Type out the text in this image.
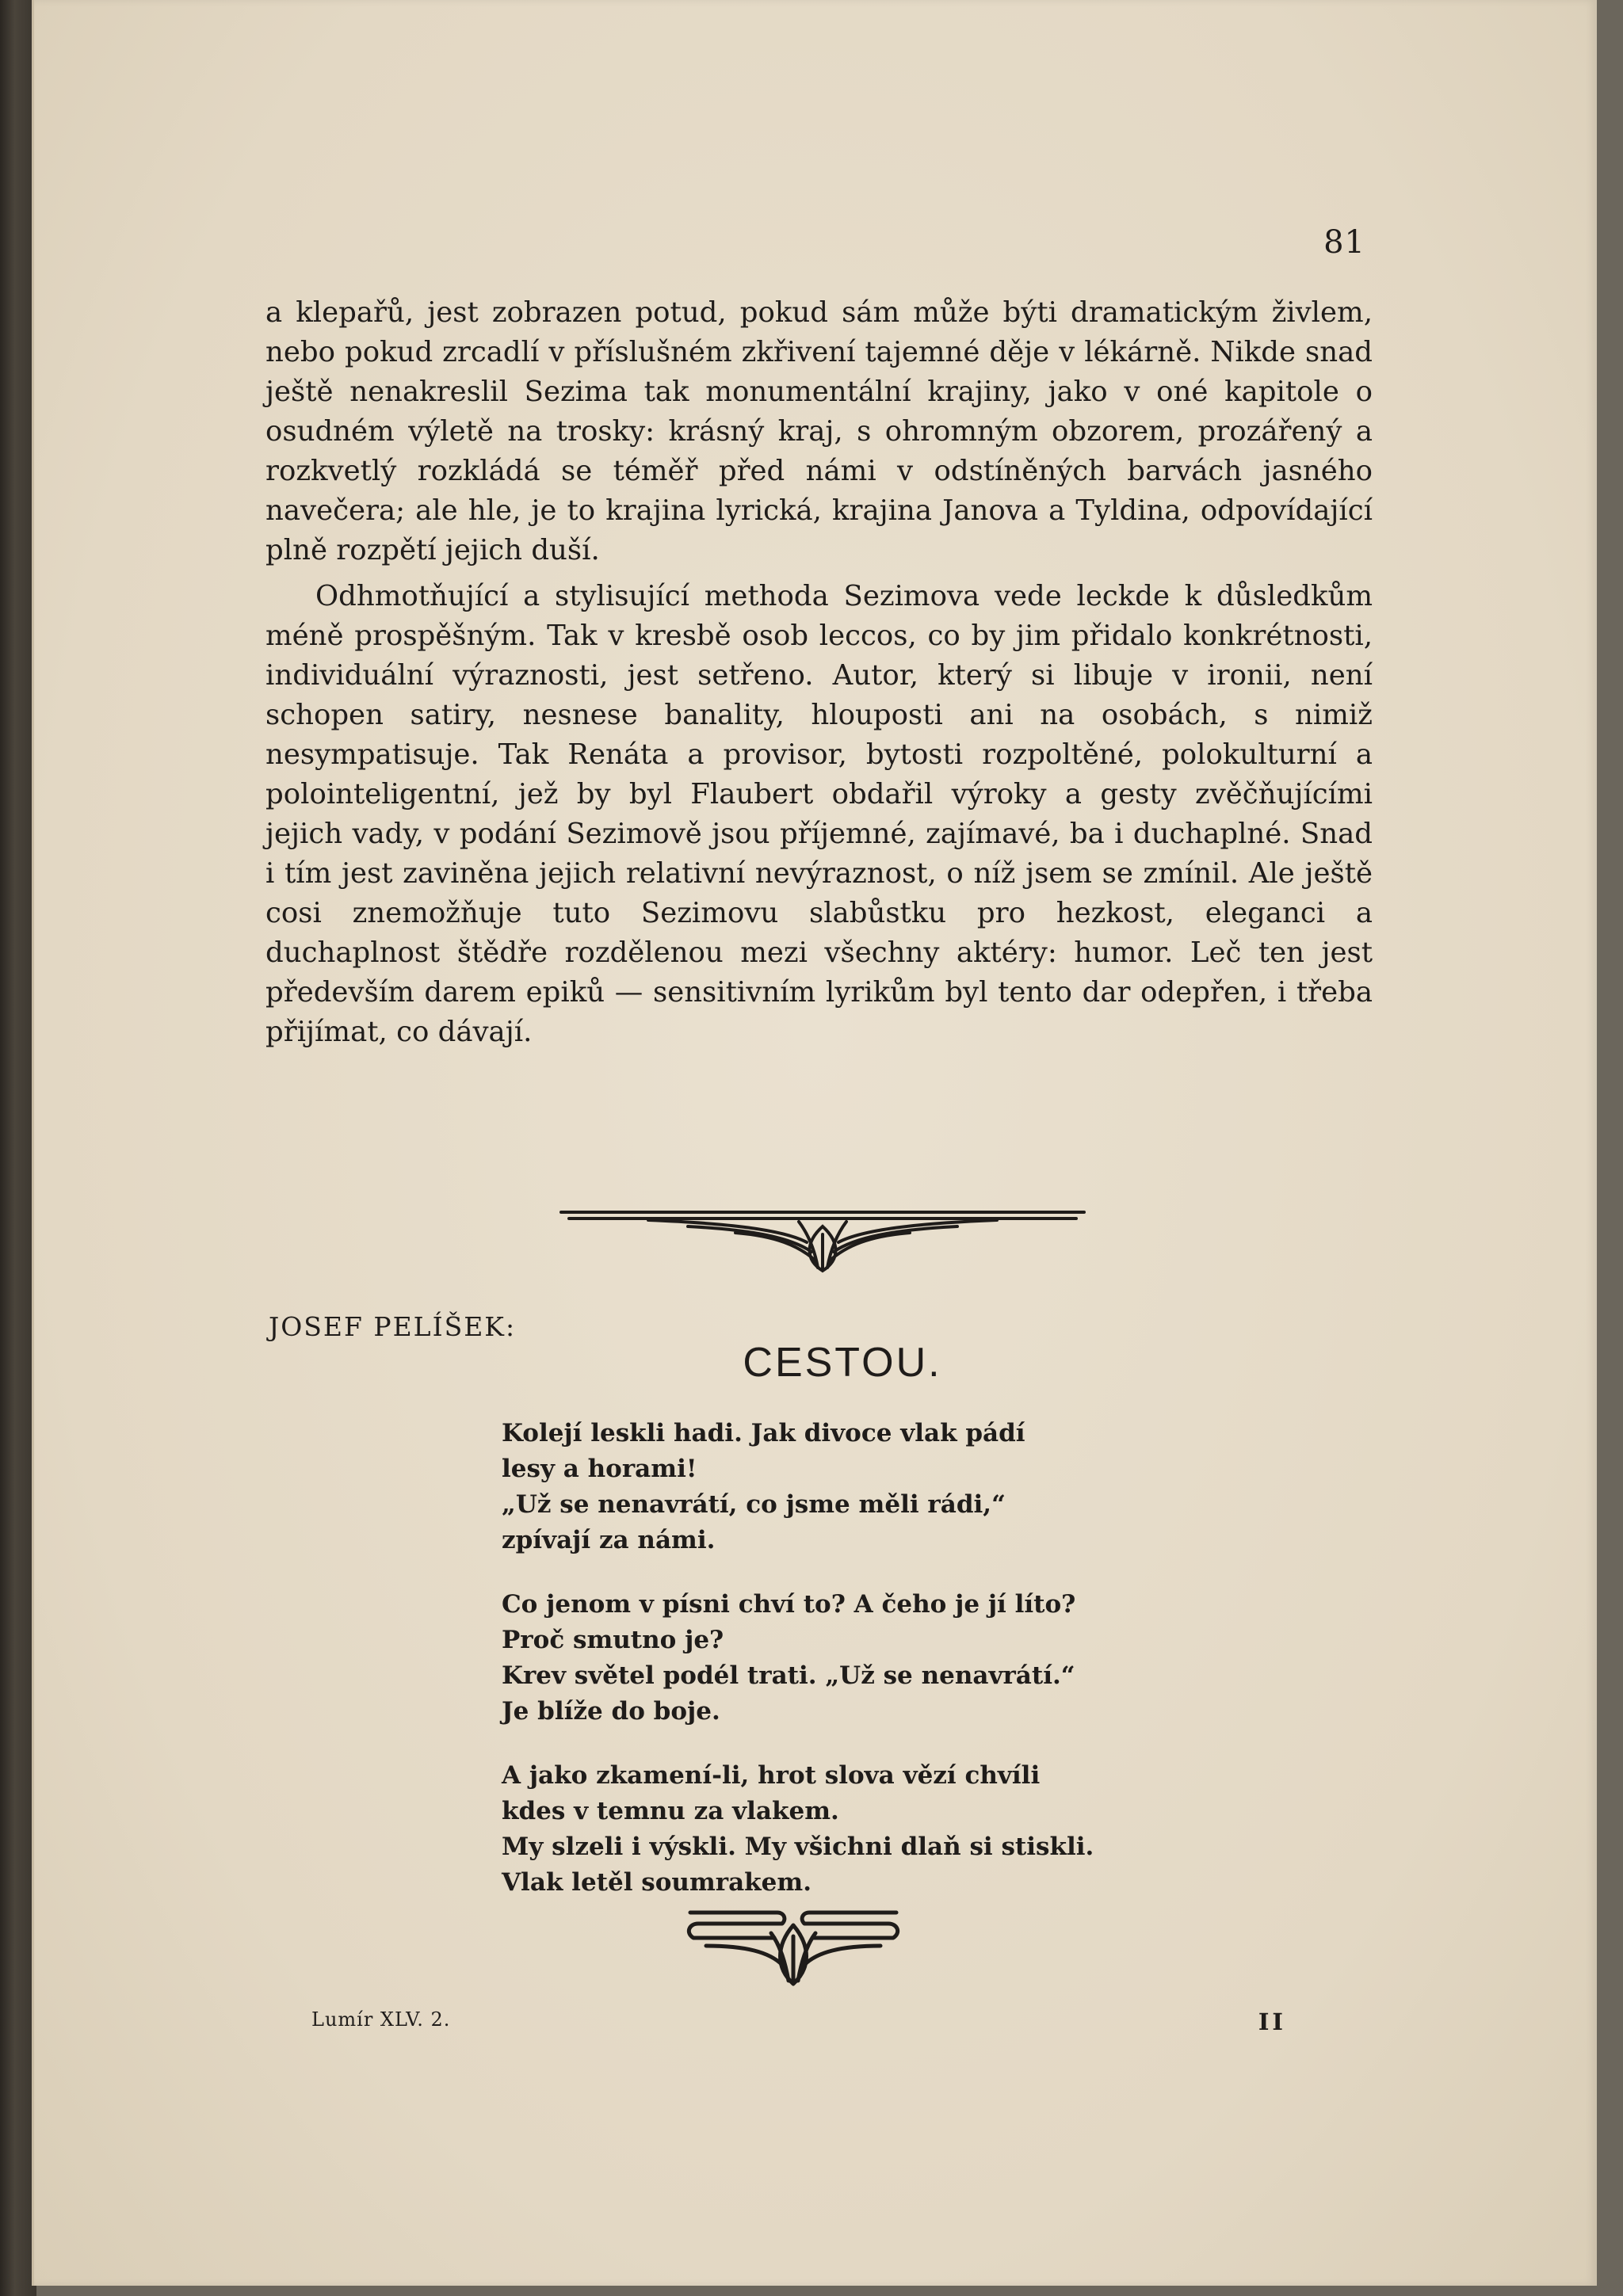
81

a klepařů, jest zobrazen potud, pokud sám může býti dramatickým živlem, nebo pokud zrcadlí v příslušném zkřivení tajemné děje v lékárně. Nikde snad ještě nenakreslil Sezima tak monumentální krajiny, jako v oné kapitole o osudném výletě na trosky: krásný kraj, s ohromným obzorem, prozářený a rozkvetlý rozkládá se téměř před námi v odstíněných barvách jasného navečera; ale hle, je to krajina lyrická, krajina Janova a Tyldina, odpovídající plně rozpětí jejich duší.

Odhmotňující a stylisující methoda Sezimova vede leckde k důsledkům méně prospěšným. Tak v kresbě osob leccos, co by jim přidalo konkrétnosti, individuální výraznosti, jest setřeno. Autor, který si libuje v ironii, není schopen satiry, nesnese banality, hlouposti ani na osobách, s nimiž nesympatisuje. Tak Renáta a provisor, bytosti rozpoltěné, polokulturní a polointeligentní, jež by byl Flaubert obdařil výroky a gesty zvěčňujícími jejich vady, v podání Sezimově jsou příjemné, zajímavé, ba i duchaplné. Snad i tím jest zaviněna jejich relativní nevýraznost, o níž jsem se zmínil. Ale ještě cosi znemožňuje tuto Sezimovu slabůstku pro hezkost, eleganci a duchaplnost štědře rozdělenou mezi všechny aktéry: humor. Leč ten jest především darem epiků — sensitivním lyrikům byl tento dar odepřen, i třeba přijímat, co dávají.

JOSEF PELÍŠEK:
CESTOU.
Kolejí leskli hadi. Jak divoce vlak pádí
lesy a horami!
„Už se nenavrátí, co jsme měli rádi,“
zpívají za námi.
Co jenom v písni chví to? A čeho je jí líto?
Proč smutno je?
Krev světel podél trati. „Už se nenavrátí.“
Je blíže do boje.
A jako zkamení-li, hrot slova vězí chvíli
kdes v temnu za vlakem.
My slzeli i výskli. My všichni dlaň si stiskli.
Vlak letěl soumrakem.
Lumír XLV. 2.	II
